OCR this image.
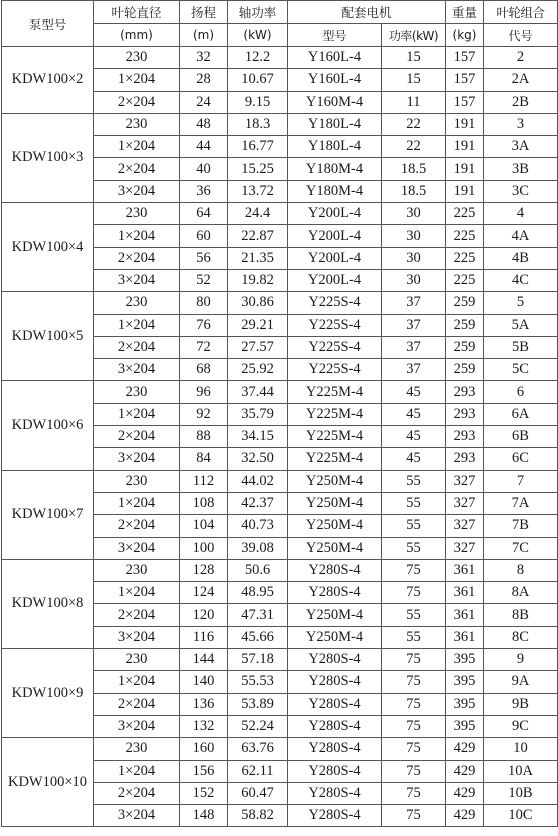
泵型号	叶轮直径	扬程	轴功率	配套电机		重量	叶轮组合
	(mm)	(m)	(kW)	型号	功率(kW)	(kg)	代号
KDW100×2	230	32	12.2	Y160L-4	15	157	2
	1×204	28	10.67	Y160L-4	15	157	2A
	2×204	24	9.15	Y160M-4	11	157	2B
KDW100×3	230	48	18.3	Y180L-4	22	191	3
	1×204	44	16.77	Y180L-4	22	191	3A
	2×204	40	15.25	Y180M-4	18.5	191	3B
	3×204	36	13.72	Y180M-4	18.5	191	3C
KDW100×4	230	64	24.4	Y200L-4	30	225	4
	1×204	60	22.87	Y200L-4	30	225	4A
	2×204	56	21.35	Y200L-4	30	225	4B
	3×204	52	19.82	Y200L-4	30	225	4C
KDW100×5	230	80	30.86	Y225S-4	37	259	5
	1×204	76	29.21	Y225S-4	37	259	5A
	2×204	72	27.57	Y225S-4	37	259	5B
	3×204	68	25.92	Y225S-4	37	259	5C
KDW100×6	230	96	37.44	Y225M-4	45	293	6
	1×204	92	35.79	Y225M-4	45	293	6A
	2×204	88	34.15	Y225M-4	45	293	6B
	3×204	84	32.50	Y225M-4	45	293	6C
KDW100×7	230	112	44.02	Y250M-4	55	327	7
	1×204	108	42.37	Y250M-4	55	327	7A
	2×204	104	40.73	Y250M-4	55	327	7B
	3×204	100	39.08	Y250M-4	55	327	7C
KDW100×8	230	128	50.6	Y280S-4	75	361	8
	1×204	124	48.95	Y280S-4	75	361	8A
	2×204	120	47.31	Y250M-4	55	361	8B
	3×204	116	45.66	Y250M-4	55	361	8C
KDW100×9	230	144	57.18	Y280S-4	75	395	9
	1×204	140	55.53	Y280S-4	75	395	9A
	2×204	136	53.89	Y280S-4	75	395	9B
	3×204	132	52.24	Y280S-4	75	395	9C
KDW100×10	230	160	63.76	Y280S-4	75	429	10
	1×204	156	62.11	Y280S-4	75	429	10A
	2×204	152	60.47	Y280S-4	75	429	10B
	3×204	148	58.82	Y280S-4	75	429	10C
